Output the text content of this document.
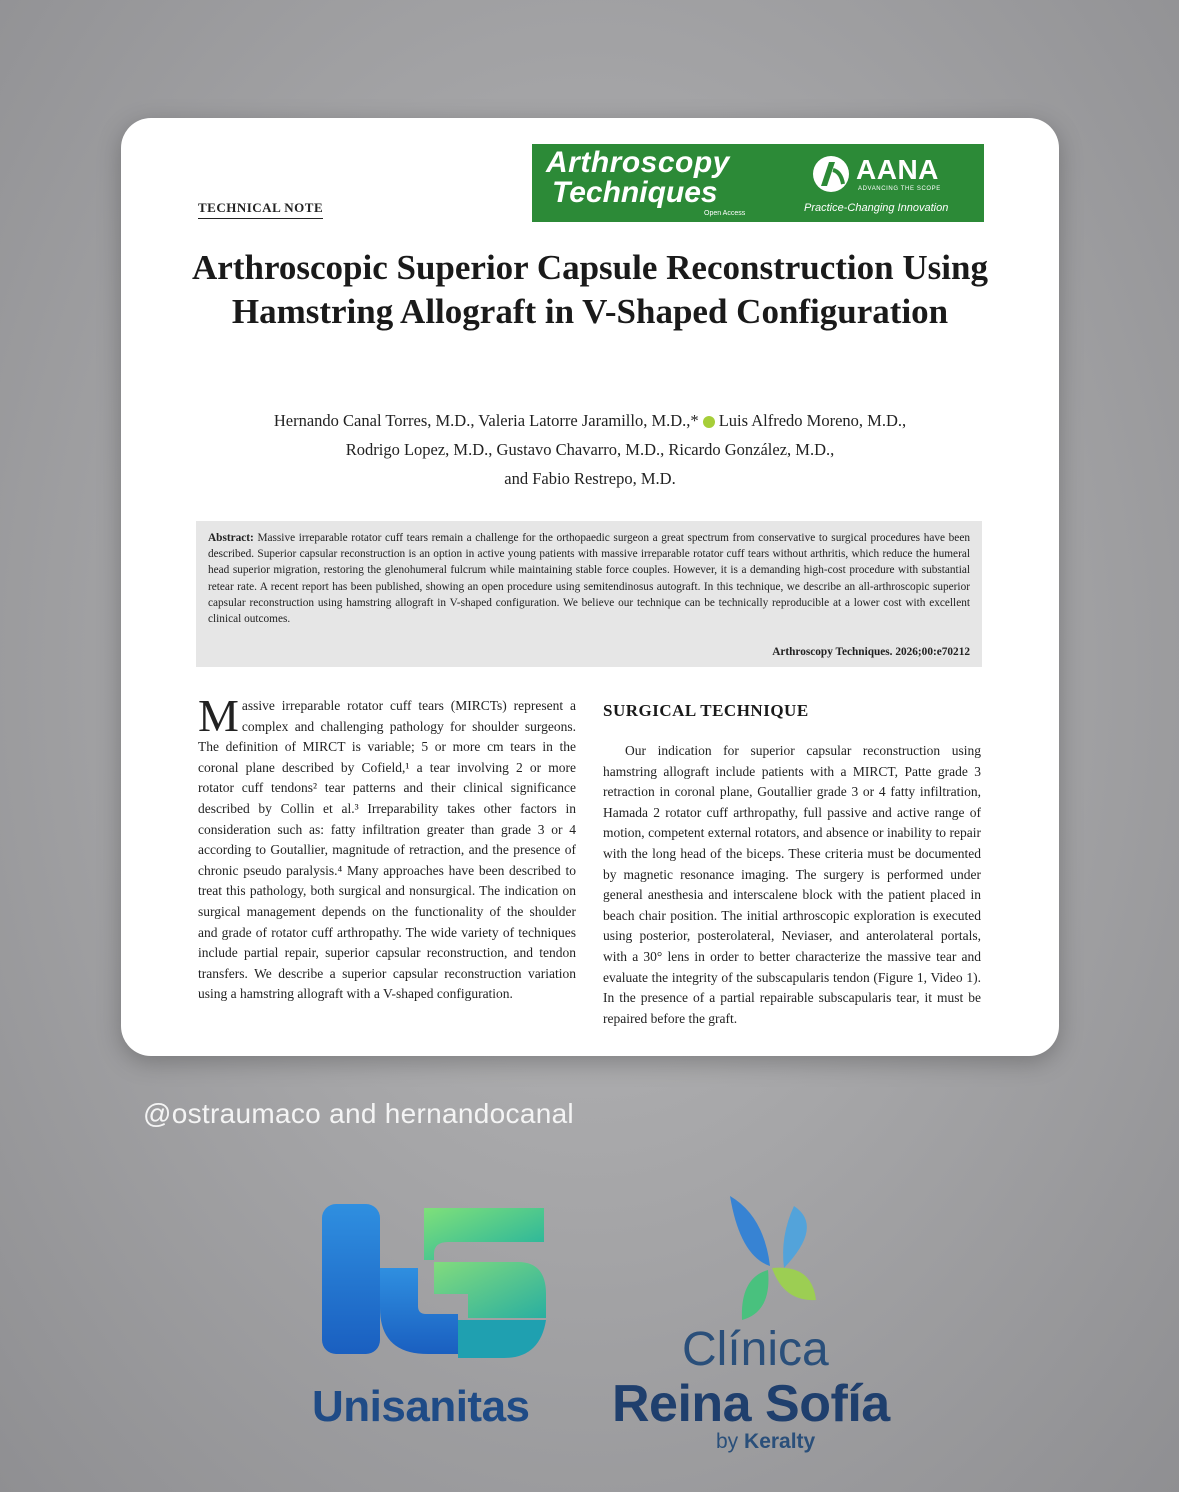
TECHNICAL NOTE
Arthroscopy
Techniques
Open Access
AANA
ADVANCING THE SCOPE
Practice-Changing Innovation
Arthroscopic Superior Capsule Reconstruction Using Hamstring Allograft in V-Shaped Configuration
Hernando Canal Torres, M.D., Valeria Latorre Jaramillo, M.D.,* Luis Alfredo Moreno, M.D.,
Rodrigo Lopez, M.D., Gustavo Chavarro, M.D., Ricardo González, M.D.,
and Fabio Restrepo, M.D.
Abstract: Massive irreparable rotator cuff tears remain a challenge for the orthopaedic surgeon a great spectrum from conservative to surgical procedures have been described. Superior capsular reconstruction is an option in active young patients with massive irreparable rotator cuff tears without arthritis, which reduce the humeral head superior migration, restoring the glenohumeral fulcrum while maintaining stable force couples. However, it is a demanding high-cost procedure with substantial retear rate. A recent report has been published, showing an open procedure using semitendinosus autograft. In this technique, we describe an all-arthroscopic superior capsular reconstruction using hamstring allograft in V-shaped configuration. We believe our technique can be technically reproducible at a lower cost with excellent clinical outcomes.
Arthroscopy Techniques. 2026;00:e70212
M assive irreparable rotator cuff tears (MIRCTs) represent a complex and challenging pathology for shoulder surgeons. The definition of MIRCT is variable; 5 or more cm tears in the coronal plane described by Cofield,¹ a tear involving 2 or more rotator cuff tendons² tear patterns and their clinical significance described by Collin et al.³ Irreparability takes other factors in consideration such as: fatty infiltration greater than grade 3 or 4 according to Goutallier, magnitude of retraction, and the presence of chronic pseudo paralysis.⁴ Many approaches have been described to treat this pathology, both surgical and nonsurgical. The indication on surgical management depends on the functionality of the shoulder and grade of rotator cuff arthropathy. The wide variety of techniques include partial repair, superior capsular reconstruction, and tendon transfers. We describe a superior capsular reconstruction variation using a hamstring allograft with a V-shaped configuration.
SURGICAL TECHNIQUE
Our indication for superior capsular reconstruction using hamstring allograft include patients with a MIRCT, Patte grade 3 retraction in coronal plane, Goutallier grade 3 or 4 fatty infiltration, Hamada 2 rotator cuff arthropathy, full passive and active range of motion, competent external rotators, and absence or inability to repair with the long head of the biceps. These criteria must be documented by magnetic resonance imaging. The surgery is performed under general anesthesia and interscalene block with the patient placed in beach chair position. The initial arthroscopic exploration is executed using posterior, posterolateral, Neviaser, and anterolateral portals, with a 30° lens in order to better characterize the massive tear and evaluate the integrity of the subscapularis tendon (Figure 1, Video 1). In the presence of a partial repairable subscapularis tear, it must be repaired before the graft.
@ostraumaco and hernandocanal
Unisanitas
Clínica
Reina Sofía
by Keralty
